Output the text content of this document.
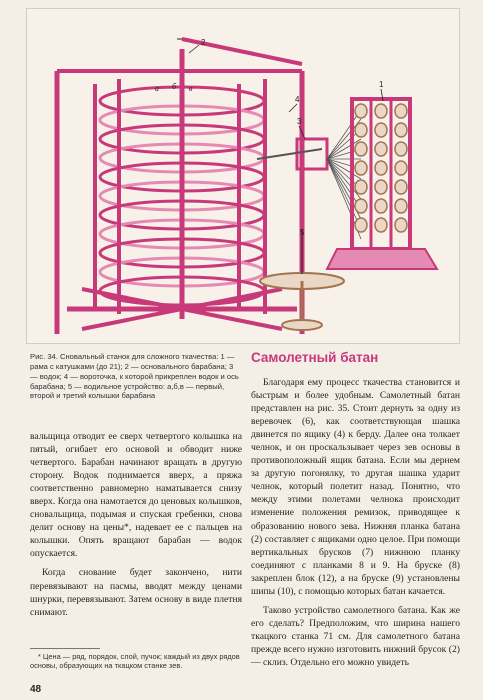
2
1
3
4
5
a б в
Рис. 34. Сновальный станок для сложного ткачества: 1 — рама с катушками (до 21); 2 — основального барабана; 3 — водок; 4 — вороточка, к которой прикреплен водок и ось барабана; 5 — водильное устройство: а,б,в — первый, второй и третий колышки барабана
Самолетный батан

вальщица отводит ее сверх четвертого колышка на пятый, огибает его основой и обводит ниже четвертого. Барабан начинают вращать в другую сторону. Водок поднимается вверх, а пряжа соответственно равномерно наматывается снизу вверх. Когда она намотается до ценовых колышков, сновальщица, подымая и спуская гребенки, снова делит основу на цены*, надевает ее с пальцев на колышки. Опять вращают барабан — водок опускается.

Когда снование будет закончено, нити перевязывают на пасмы, вводят между ценами шнурки, перевязывают. Затем основу в виде плетня снимают.

Благодаря ему процесс ткачества становится и быстрым и более удобным. Самолетный батан представлен на рис. 35. Стоит дернуть за одну из веревочек (6), как соответствующая шашка двинется по ящику (4) к берду. Далее она толкает челнок, и он проскальзывает через зев основы в противоположный ящик батана. Если мы дернем за другую погонялку, то другая шашка ударит челнок, который полетит назад. Понятно, что между этими полетами челнока происходит изменение положения ремизок, приводящее к образованию нового зева. Нижняя планка батана (2) составляет с ящиками одно целое. При помощи вертикальных брусков (7) нижнюю планку соединяют с планками 8 и 9. На бруске (8) закреплен блок (12), а на бруске (9) установлены шипы (10), с помощью которых батан качается.

Таково устройство самолетного батана. Как же его сделать? Предположим, что ширина нашего ткацкого станка 71 см. Для самолетного батана прежде всего нужно изготовить нижний брусок (2) — склиз. Отдельно его можно увидеть

* Цена — ряд, порядок, слой, пучок; каждый из двух рядов основы, образующих на ткацком станке зев.
48
